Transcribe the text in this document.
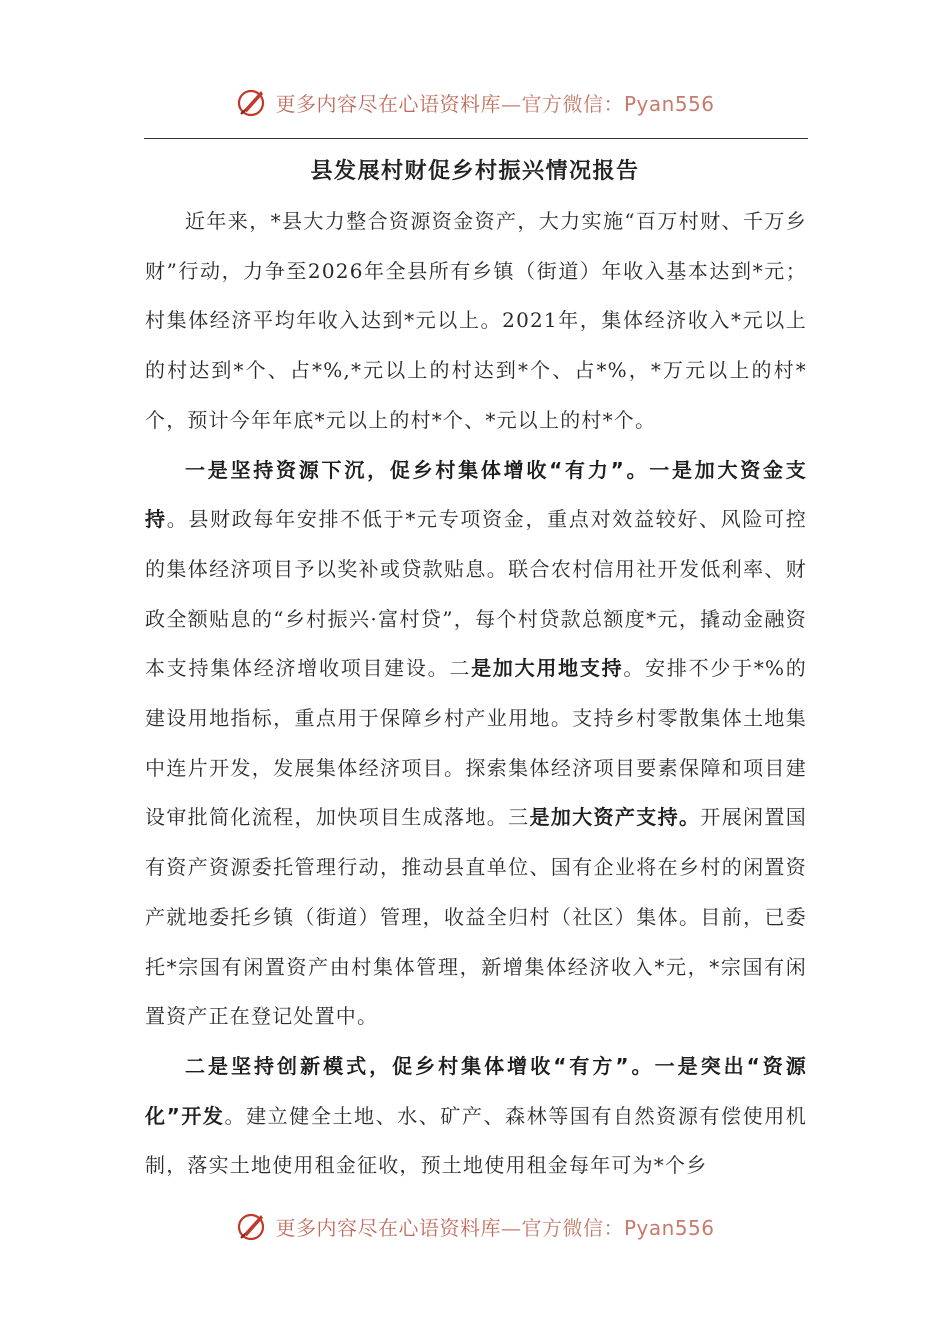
更多内容尽在心语资料库—官方微信：Pyan556
县发展村财促乡村振兴情况报告

近年来，*县大力整合资源资金资产，大力实施“百万村财、千万乡财”行动，力争至2026年全县所有乡镇（街道）年收入基本达到*元；村集体经济平均年收入达到*元以上。2021年，集体经济收入*元以上的村达到*个、占*%,*元以上的村达到*个、占*%，*万元以上的村*个，预计今年年底*元以上的村*个、*元以上的村*个。

一是坚持资源下沉，促乡村集体增收“有力”。一是加大资金支持。县财政每年安排不低于*元专项资金，重点对效益较好、风险可控的集体经济项目予以奖补或贷款贴息。联合农村信用社开发低利率、财政全额贴息的“乡村振兴·富村贷”，每个村贷款总额度*元，撬动金融资本支持集体经济增收项目建设。二是加大用地支持。安排不少于*%的建设用地指标，重点用于保障乡村产业用地。支持乡村零散集体土地集中连片开发，发展集体经济项目。探索集体经济项目要素保障和项目建设审批简化流程，加快项目生成落地。三是加大资产支持。开展闲置国有资产资源委托管理行动，推动县直单位、国有企业将在乡村的闲置资产就地委托乡镇（街道）管理，收益全归村（社区）集体。目前，已委托*宗国有闲置资产由村集体管理，新增集体经济收入*元，*宗国有闲置资产正在登记处置中。

二是坚持创新模式，促乡村集体增收“有方”。一是突出“资源化”开发。建立健全土地、水、矿产、森林等国有自然资源有偿使用机制，落实土地使用租金征收，预土地使用租金每年可为*个乡

更多内容尽在心语资料库—官方微信：Pyan556
